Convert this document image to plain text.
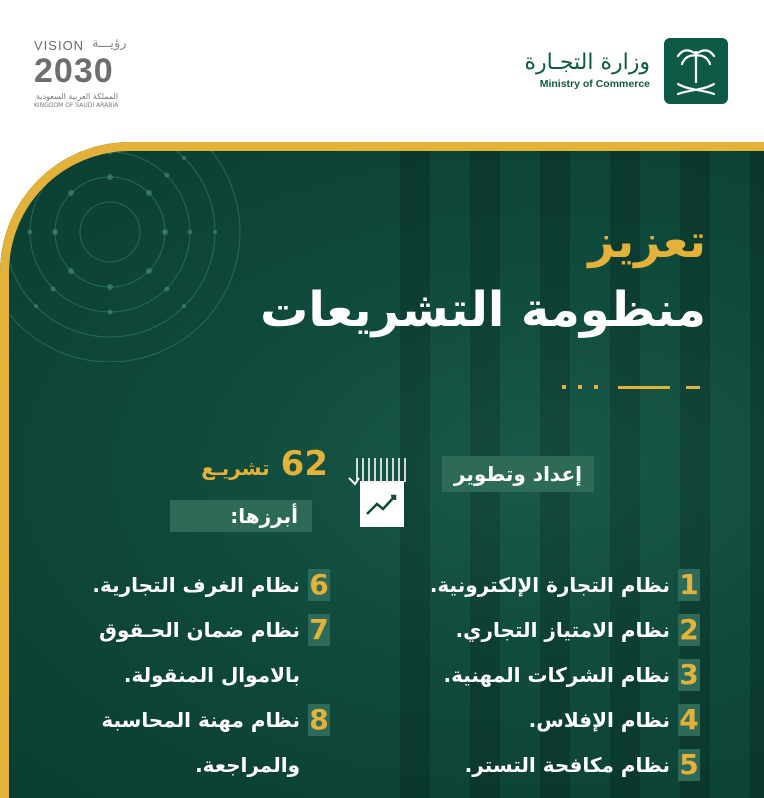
VISION رؤيـــة
2030
المملكة العربية السعودية
KINGDOM OF SAUDI ARABIA
وزارة التجـارة
Ministry of Commerce
تعزيز
منظومة التشريعات
إعداد وتطوير
62 تشريـع
أبرزها:
1
نظام التجارة الإلكترونية.
2
نظام الامتياز التجاري.
3
نظام الشركات المهنية.
4
نظام الإفلاس.
5
نظام مكافحة التستر.
6
نظام الغرف التجارية.
7
نظام ضمان الحـقوق
بالاموال المنقولة.
8
نظام مهنة المحاسبة
والمراجعة.
